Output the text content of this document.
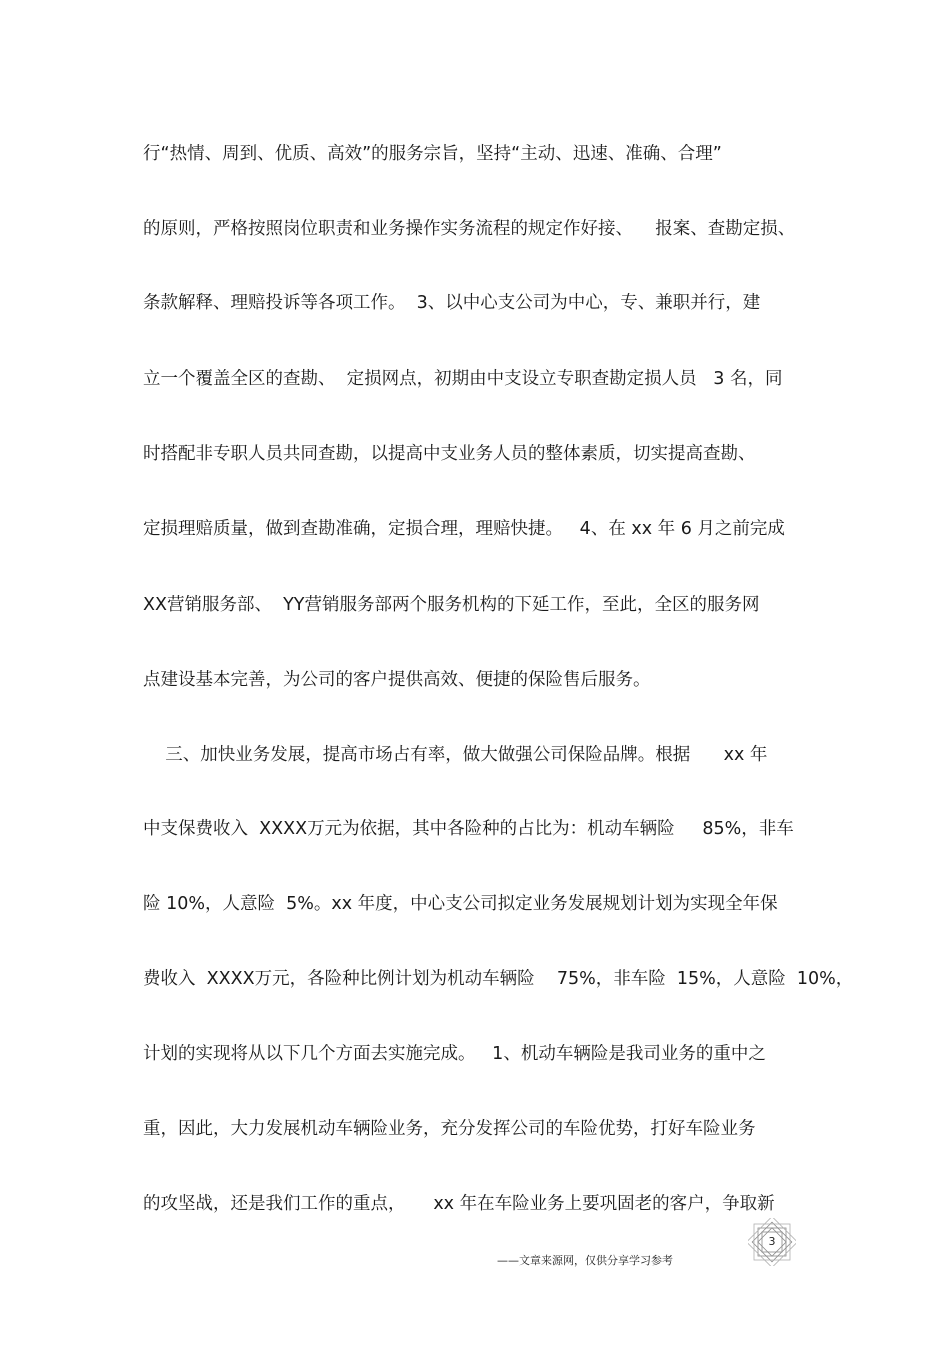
行“热情、周到、优质、高效”的服务宗旨，坚持“主动、迅速、准确、合理”
的原则，严格按照岗位职责和业务操作实务流程的规定作好接、    报案、查勘定损、
条款解释、理赔投诉等各项工作。  3、以中心支公司为中心，专、兼职并行，建
立一个覆盖全区的查勘、  定损网点，初期由中支设立专职查勘定损人员   3 名，同
时搭配非专职人员共同查勘，以提高中支业务人员的整体素质，切实提高查勘、
定损理赔质量，做到查勘准确，定损合理，理赔快捷。   4、在 xx 年 6 月之前完成
XX营销服务部、  YY营销服务部两个服务机构的下延工作，至此，全区的服务网
点建设基本完善，为公司的客户提供高效、便捷的保险售后服务。
三、加快业务发展，提高市场占有率，做大做强公司保险品牌。根据      xx 年
中支保费收入  XXXX万元为依据，其中各险种的占比为：机动车辆险     85%，非车
险 10%，人意险  5%。xx 年度，中心支公司拟定业务发展规划计划为实现全年保
费收入  XXXX万元，各险种比例计划为机动车辆险    75%，非车险  15%，人意险  10%，
计划的实现将从以下几个方面去实施完成。   1、机动车辆险是我司业务的重中之
重，因此，大力发展机动车辆险业务，充分发挥公司的车险优势，打好车险业务
的攻坚战，还是我们工作的重点，     xx 年在车险业务上要巩固老的客户，争取新
3
——文章来源网，仅供分享学习参考
